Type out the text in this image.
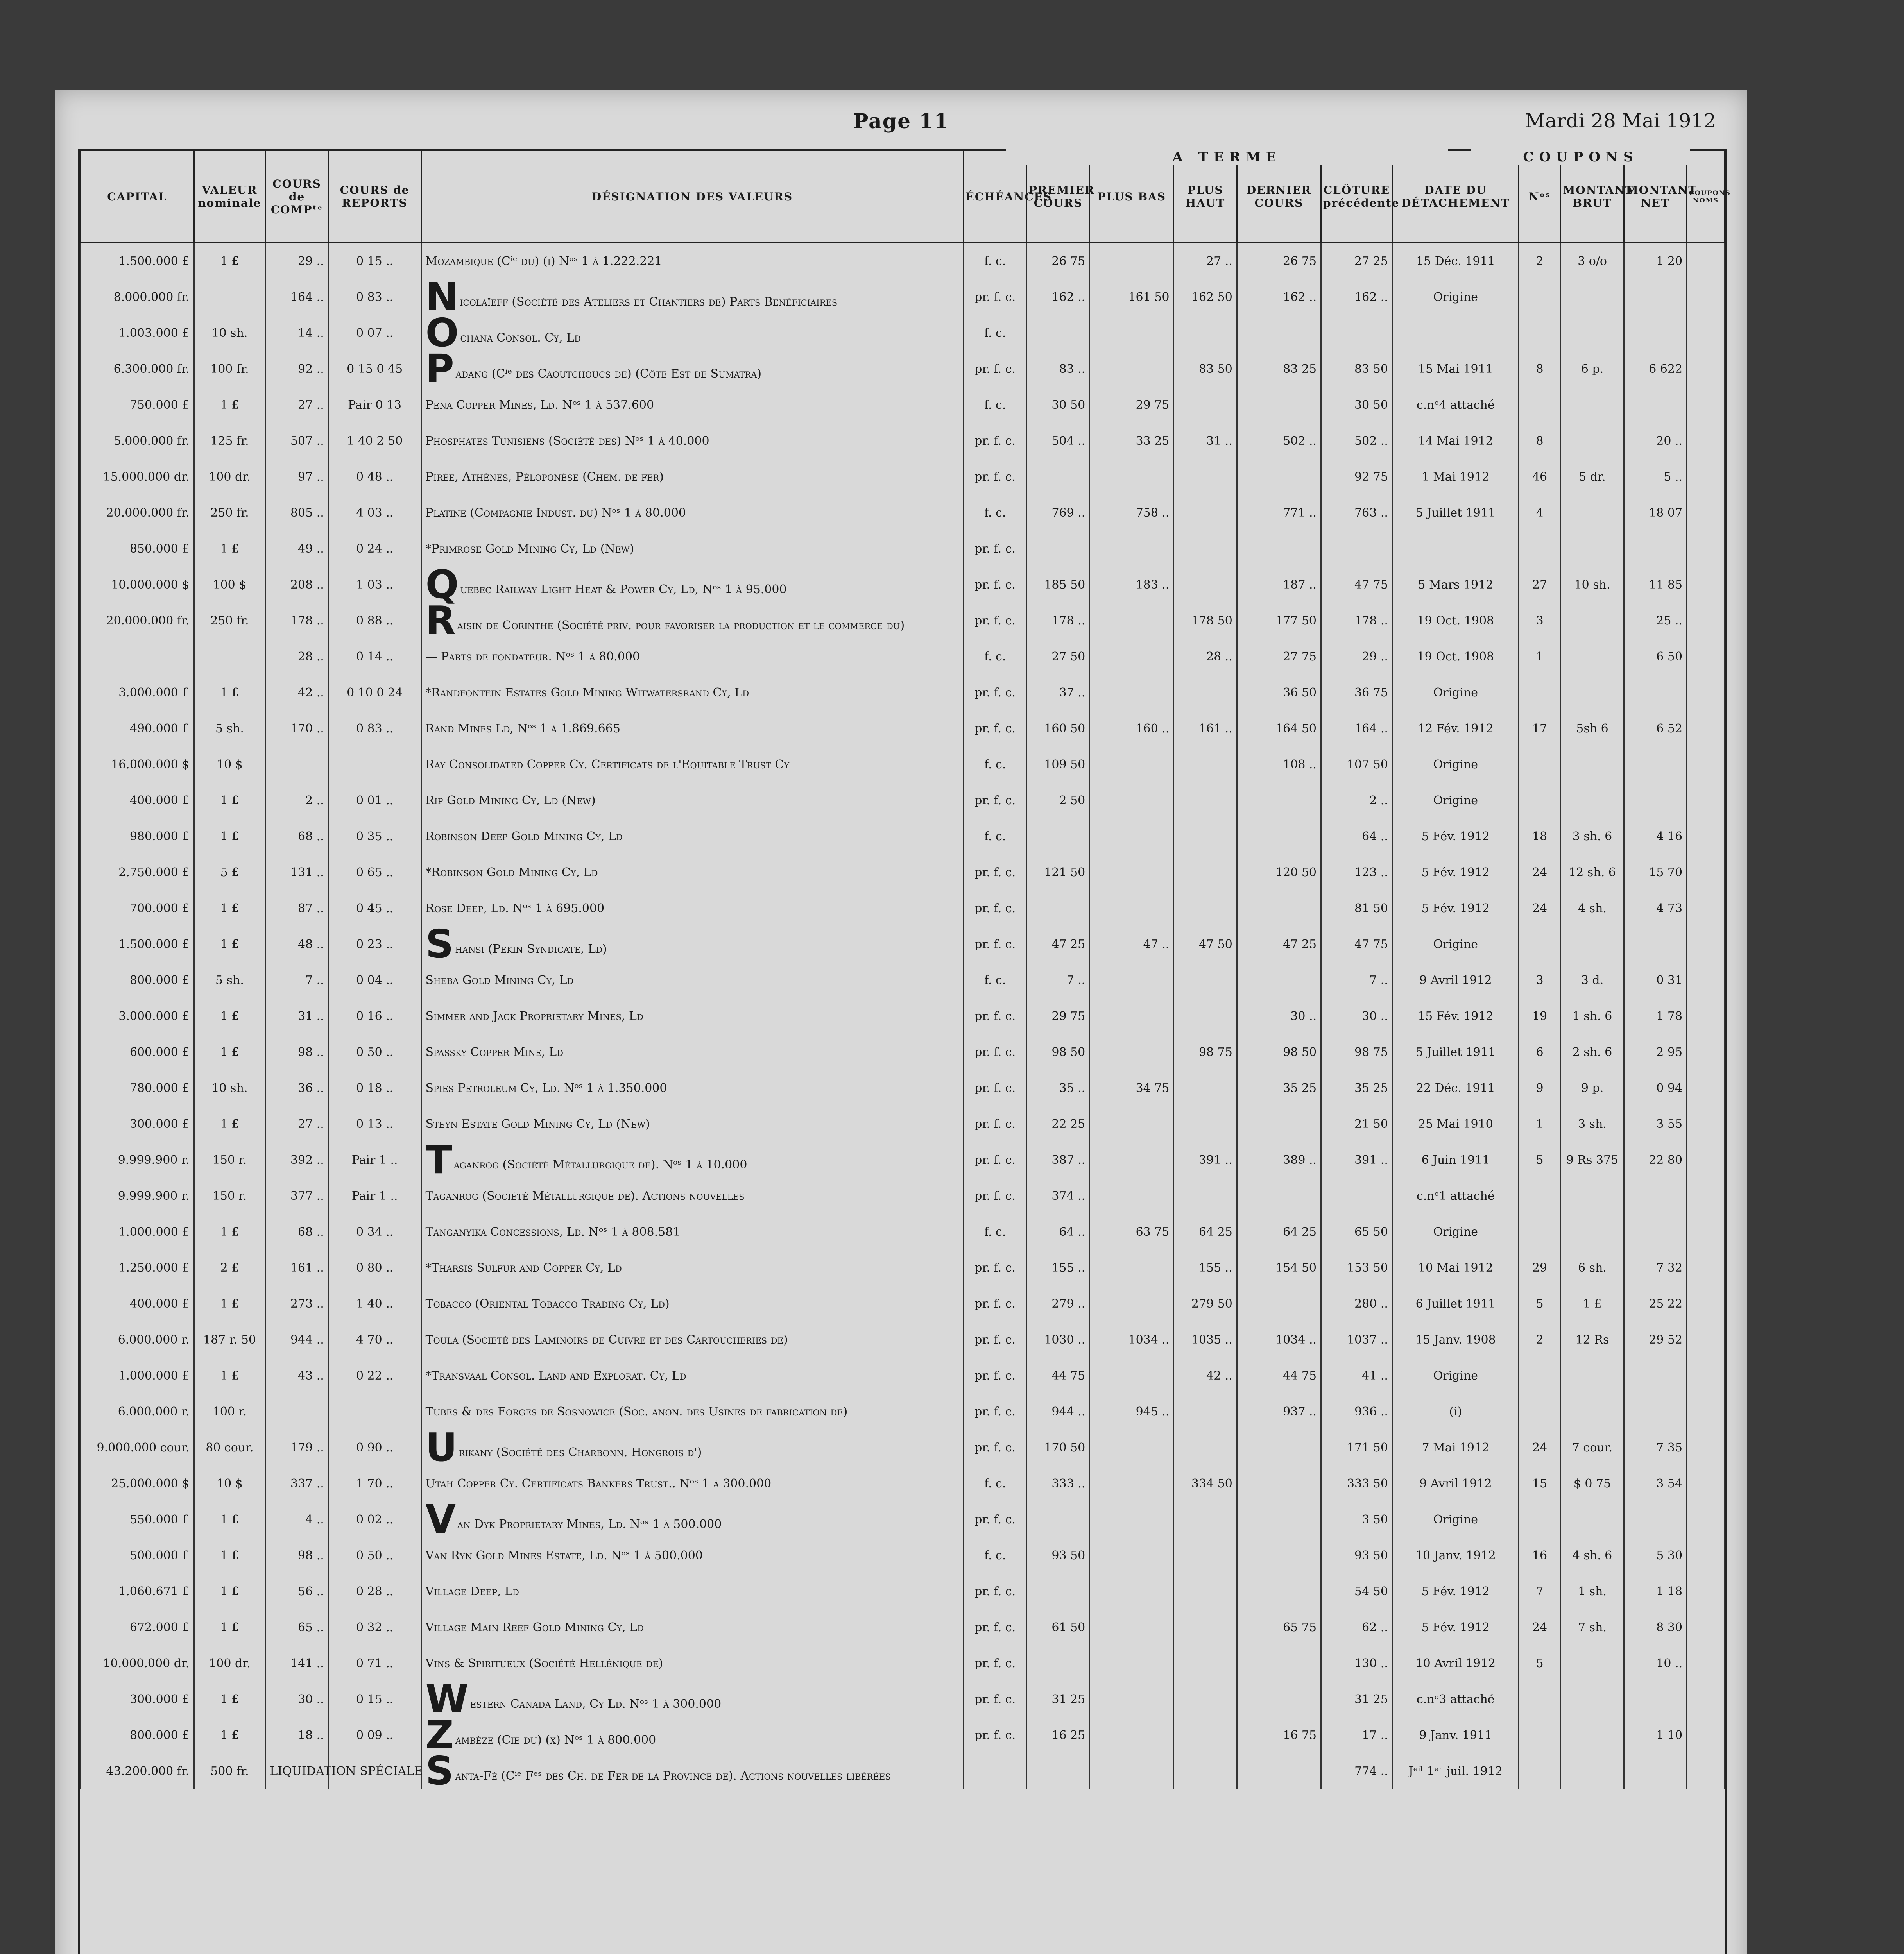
Page 11	Mardi 28 Mai 1912
CAPITAL	VALEUR nominale	COURS de COMPᵗᵉ	COURS de REPORTS	DÉSIGNATION DES VALEURS	ÉCHÉANCES	PREMIER COURS	PLUS BAS	PLUS HAUT	DERNIER COURS	CLÔTURE précédente	DATE DU DÉTACHEMENT	Nᵒˢ	MONTANT BRUT	MONTANT NET	COUPONS NOMS
1.500.000 £	1 £	29 ..	0 15 ..	Mozambique (Cⁱᵉ du) (i) Nᵒˢ 1 à 1.222.221	f. c.	26 75		27 ..	26 75	27 25	15 Déc. 1911	2	3 o/o	1 20	
8.000.000 fr.		164 ..	0 83 ..	N icolaïeff (Société des Ateliers et Chantiers de) Parts Bénéficiaires	pr. f. c.	162 ..	161 50	162 50	162 ..	162 ..	Origine				
1.003.000 £	10 sh.	14 ..	0 07 ..	O chana Consol. Cy, Ld	f. c.										
6.300.000 fr.	100 fr.	92 ..	0 15 0 45	P adang (Cⁱᵉ des Caoutchoucs de) (Côte Est de Sumatra)	pr. f. c.	83 ..		83 50	83 25	83 50	15 Mai 1911	8	6 p.	6 622	
750.000 £	1 £	27 ..	Pair 0 13	Pena Copper Mines, Ld. Nᵒˢ 1 à 537.600	f. c.	30 50	29 75			30 50	c.nᵒ4 attaché				
5.000.000 fr.	125 fr.	507 ..	1 40 2 50	Phosphates Tunisiens (Société des) Nᵒˢ 1 à 40.000	pr. f. c.	504 ..	33 25	31 ..	502 ..	502 ..	14 Mai 1912	8		20 ..	
15.000.000 dr.	100 dr.	97 ..	0 48 ..	Pirée, Athènes, Péloponèse (Chem. de fer)	pr. f. c.					92 75	1 Mai 1912	46	5 dr.	5 ..	
20.000.000 fr.	250 fr.	805 ..	4 03 ..	Platine (Compagnie Indust. du) Nᵒˢ 1 à 80.000	f. c.	769 ..	758 ..		771 ..	763 ..	5 Juillet 1911	4		18 07	
850.000 £	1 £	49 ..	0 24 ..	*Primrose Gold Mining Cy, Ld (New)	pr. f. c.										
10.000.000 $	100 $	208 ..	1 03 ..	Q uebec Railway Light Heat & Power Cy, Ld, Nᵒˢ 1 à 95.000	pr. f. c.	185 50	183 ..		187 ..	47 75	5 Mars 1912	27	10 sh.	11 85	
20.000.000 fr.	250 fr.	178 ..	0 88 ..	R aisin de Corinthe (Société priv. pour favoriser la production et le commerce du)	pr. f. c.	178 ..		178 50	177 50	178 ..	19 Oct. 1908	3		25 ..	
		28 ..	0 14 ..	— Parts de fondateur. Nᵒˢ 1 à 80.000	f. c.	27 50		28 ..	27 75	29 ..	19 Oct. 1908	1		6 50	
3.000.000 £	1 £	42 ..	0 10 0 24	*Randfontein Estates Gold Mining Witwatersrand Cy, Ld	pr. f. c.	37 ..			36 50	36 75	Origine				
490.000 £	5 sh.	170 ..	0 83 ..	Rand Mines Ld, Nᵒˢ 1 à 1.869.665	pr. f. c.	160 50	160 ..	161 ..	164 50	164 ..	12 Fév. 1912	17	5sh 6	6 52	
16.000.000 $	10 $			Ray Consolidated Copper Cy. Certificats de l'Equitable Trust Cy	f. c.	109 50			108 ..	107 50	Origine				
400.000 £	1 £	2 ..	0 01 ..	Rip Gold Mining Cy, Ld (New)	pr. f. c.	2 50				2 ..	Origine				
980.000 £	1 £	68 ..	0 35 ..	Robinson Deep Gold Mining Cy, Ld	f. c.					64 ..	5 Fév. 1912	18	3 sh. 6	4 16	
2.750.000 £	5 £	131 ..	0 65 ..	*Robinson Gold Mining Cy, Ld	pr. f. c.	121 50			120 50	123 ..	5 Fév. 1912	24	12 sh. 6	15 70	
700.000 £	1 £	87 ..	0 45 ..	Rose Deep, Ld. Nᵒˢ 1 à 695.000	pr. f. c.					81 50	5 Fév. 1912	24	4 sh.	4 73	
1.500.000 £	1 £	48 ..	0 23 ..	S hansi (Pekin Syndicate, Ld)	pr. f. c.	47 25	47 ..	47 50	47 25	47 75	Origine				
800.000 £	5 sh.	7 ..	0 04 ..	Sheba Gold Mining Cy, Ld	f. c.	7 ..				7 ..	9 Avril 1912	3	3 d.	0 31	
3.000.000 £	1 £	31 ..	0 16 ..	Simmer and Jack Proprietary Mines, Ld	pr. f. c.	29 75			30 ..	30 ..	15 Fév. 1912	19	1 sh. 6	1 78	
600.000 £	1 £	98 ..	0 50 ..	Spassky Copper Mine, Ld	pr. f. c.	98 50		98 75	98 50	98 75	5 Juillet 1911	6	2 sh. 6	2 95	
780.000 £	10 sh.	36 ..	0 18 ..	Spies Petroleum Cy, Ld. Nᵒˢ 1 à 1.350.000	pr. f. c.	35 ..	34 75		35 25	35 25	22 Déc. 1911	9	9 p.	0 94	
300.000 £	1 £	27 ..	0 13 ..	Steyn Estate Gold Mining Cy, Ld (New)	pr. f. c.	22 25				21 50	25 Mai 1910	1	3 sh.	3 55	
9.999.900 r.	150 r.	392 ..	Pair 1 ..	T aganrog (Société Métallurgique de). Nᵒˢ 1 à 10.000	pr. f. c.	387 ..		391 ..	389 ..	391 ..	6 Juin 1911	5	9 Rs 375	22 80	
9.999.900 r.	150 r.	377 ..	Pair 1 ..	Taganrog (Société Métallurgique de). Actions nouvelles	pr. f. c.	374 ..					c.nᵒ1 attaché				
1.000.000 £	1 £	68 ..	0 34 ..	Tanganyika Concessions, Ld. Nᵒˢ 1 à 808.581	f. c.	64 ..	63 75	64 25	64 25	65 50	Origine				
1.250.000 £	2 £	161 ..	0 80 ..	*Tharsis Sulfur and Copper Cy, Ld	pr. f. c.	155 ..		155 ..	154 50	153 50	10 Mai 1912	29	6 sh.	7 32	
400.000 £	1 £	273 ..	1 40 ..	Tobacco (Oriental Tobacco Trading Cy, Ld)	pr. f. c.	279 ..		279 50		280 ..	6 Juillet 1911	5	1 £	25 22	
6.000.000 r.	187 r. 50	944 ..	4 70 ..	Toula (Société des Laminoirs de Cuivre et des Cartoucheries de)	pr. f. c.	1030 ..	1034 ..	1035 ..	1034 ..	1037 ..	15 Janv. 1908	2	12 Rs	29 52	
1.000.000 £	1 £	43 ..	0 22 ..	*Transvaal Consol. Land and Explorat. Cy, Ld	pr. f. c.	44 75		42 ..	44 75	41 ..	Origine				
6.000.000 r.	100 r.			Tubes & des Forges de Sosnowice (Soc. anon. des Usines de fabrication de)	pr. f. c.	944 ..	945 ..		937 ..	936 ..	(i)				
9.000.000 cour.	80 cour.	179 ..	0 90 ..	U rikany (Société des Charbonn. Hongrois d')	pr. f. c.	170 50				171 50	7 Mai 1912	24	7 cour.	7 35	
25.000.000 $	10 $	337 ..	1 70 ..	Utah Copper Cy. Certificats Bankers Trust.. Nᵒˢ 1 à 300.000	f. c.	333 ..		334 50		333 50	9 Avril 1912	15	$ 0 75	3 54	
550.000 £	1 £	4 ..	0 02 ..	V an Dyk Proprietary Mines, Ld. Nᵒˢ 1 à 500.000	pr. f. c.					3 50	Origine				
500.000 £	1 £	98 ..	0 50 ..	Van Ryn Gold Mines Estate, Ld. Nᵒˢ 1 à 500.000	f. c.	93 50				93 50	10 Janv. 1912	16	4 sh. 6	5 30	
1.060.671 £	1 £	56 ..	0 28 ..	Village Deep, Ld	pr. f. c.					54 50	5 Fév. 1912	7	1 sh.	1 18	
672.000 £	1 £	65 ..	0 32 ..	Village Main Reef Gold Mining Cy, Ld	pr. f. c.	61 50			65 75	62 ..	5 Fév. 1912	24	7 sh.	8 30	
10.000.000 dr.	100 dr.	141 ..	0 71 ..	Vins & Spiritueux (Société Hellénique de)	pr. f. c.					130 ..	10 Avril 1912	5		10 ..	
300.000 £	1 £	30 ..	0 15 ..	W estern Canada Land, Cy Ld. Nᵒˢ 1 à 300.000	pr. f. c.	31 25				31 25	c.nᵒ3 attaché				
800.000 £	1 £	18 ..	0 09 ..	Z ambèze (Cie du) (x) Nᵒˢ 1 à 800.000	pr. f. c.	16 25			16 75	17 ..	9 Janv. 1911			1 10	
43.200.000 fr.	500 fr.	LIQUIDATION SPÉCIALE		S anta-Fé (Cⁱᵉ Fᵉˢ des Ch. de Fer de la Province de). Actions nouvelles libérées						774 ..	Jᵉⁱˡ 1ᵉʳ juil. 1912				
A TERME	COUPONS
